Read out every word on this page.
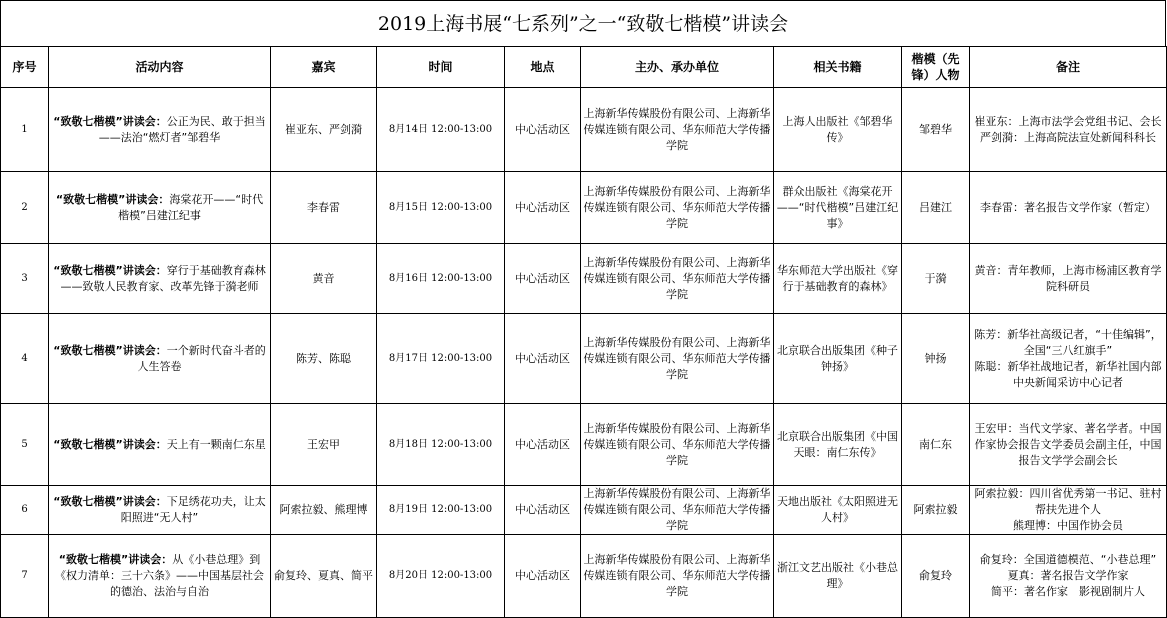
2019上海书展“七系列”之一“致敬七楷模”讲读会
序号	活动内容	嘉宾	时间	地点	主办、承办单位	相关书籍	楷模（先锋）人物	备注
1	“致敬七楷模”讲读会：公正为民、敢于担当——法治“燃灯者”邹碧华	崔亚东、严剑漪	8月14日 12:00-13:00	中心活动区	上海新华传媒股份有限公司、上海新华传媒连锁有限公司、华东师范大学传播学院	上海人出版社《邹碧华传》	邹碧华	崔亚东：上海市法学会党组书记、会长
严剑漪：上海高院法宣处新闻科科长
2	“致敬七楷模”讲读会：海棠花开——“时代楷模”吕建江纪事	李春雷	8月15日 12:00-13:00	中心活动区	上海新华传媒股份有限公司、上海新华传媒连锁有限公司、华东师范大学传播学院	群众出版社《海棠花开——“时代楷模”吕建江纪事》	吕建江	李春雷：著名报告文学作家（暂定）
3	“致敬七楷模”讲读会：穿行于基础教育森林——致敬人民教育家、改革先锋于漪老师	黄音	8月16日 12:00-13:00	中心活动区	上海新华传媒股份有限公司、上海新华传媒连锁有限公司、华东师范大学传播学院	华东师范大学出版社《穿行于基础教育的森林》	于漪	黄音：青年教师，上海市杨浦区教育学院科研员
4	“致敬七楷模”讲读会：一个新时代奋斗者的人生答卷	陈芳、陈聪	8月17日 12:00-13:00	中心活动区	上海新华传媒股份有限公司、上海新华传媒连锁有限公司、华东师范大学传播学院	北京联合出版集团《种子钟扬》	钟扬	陈芳：新华社高级记者，“十佳编辑”，全国“三八红旗手”
陈聪：新华社战地记者，新华社国内部中央新闻采访中心记者
5	“致敬七楷模”讲读会：天上有一颗南仁东星	王宏甲	8月18日 12:00-13:00	中心活动区	上海新华传媒股份有限公司、上海新华传媒连锁有限公司、华东师范大学传播学院	北京联合出版集团《中国天眼：南仁东传》	南仁东	王宏甲：当代文学家、著名学者。中国作家协会报告文学委员会副主任，中国报告文学学会副会长
6	“致敬七楷模”讲读会：下足绣花功夫，让太阳照进“无人村”	阿索拉毅、熊理博	8月19日 12:00-13:00	中心活动区	上海新华传媒股份有限公司、上海新华传媒连锁有限公司、华东师范大学传播学院	天地出版社《太阳照进无人村》	阿索拉毅	阿索拉毅：四川省优秀第一书记、驻村帮扶先进个人
熊理博：中国作协会员
7	“致敬七楷模”讲读会：从《小巷总理》到《权力清单：三十六条》——中国基层社会的德治、法治与自治	俞复玲、夏真、简平	8月20日 12:00-13:00	中心活动区	上海新华传媒股份有限公司、上海新华传媒连锁有限公司、华东师范大学传播学院	浙江文艺出版社《小巷总理》	俞复玲	俞复玲：全国道德模范、“小巷总理”
夏真：著名报告文学作家
简平：著名作家　影视剧制片人
